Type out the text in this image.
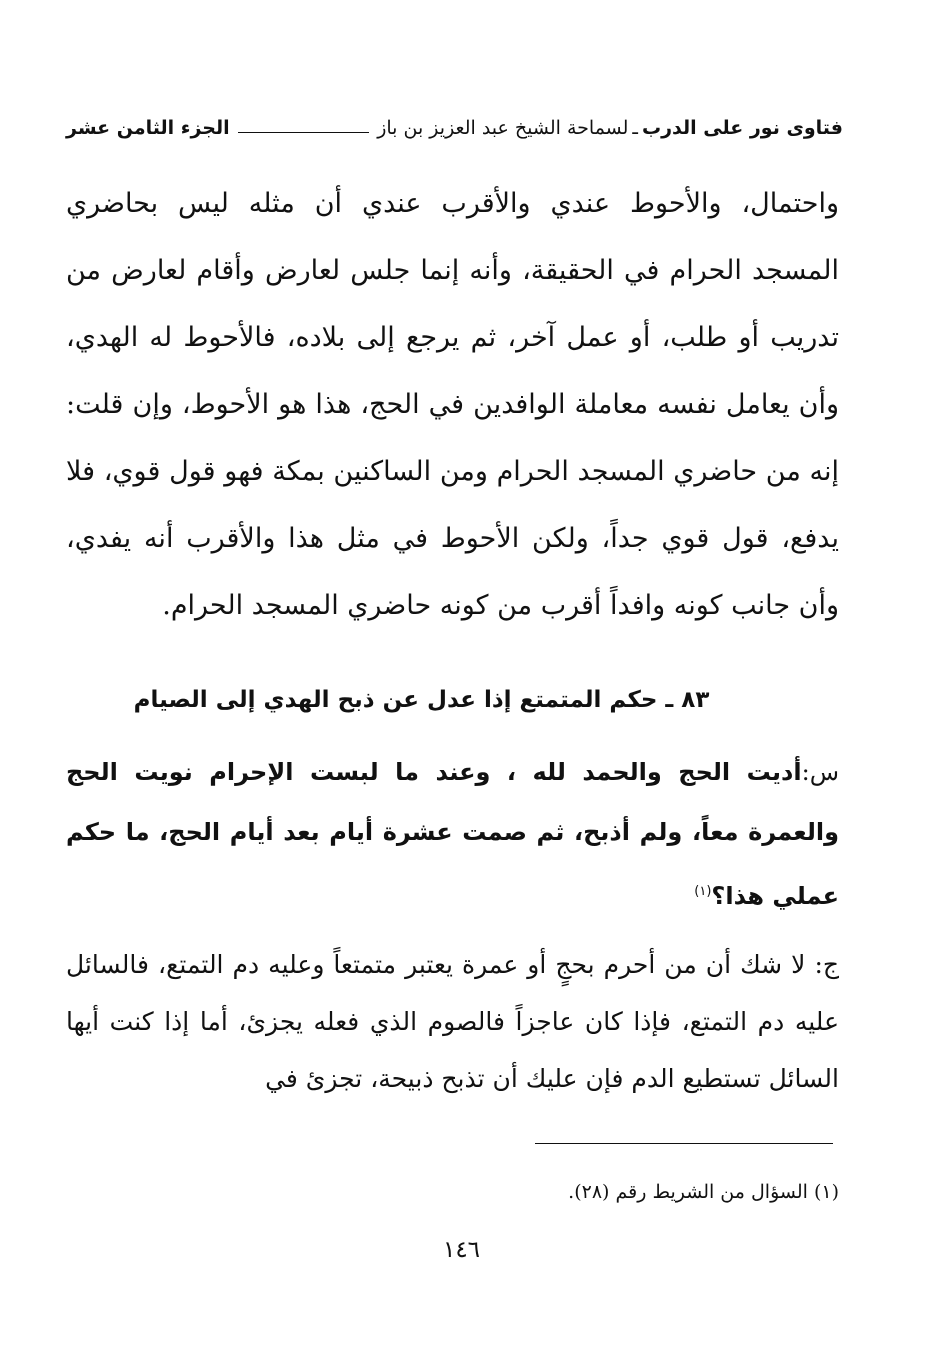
فتاوى نور على الدرب
ـ
لسماحة الشيخ عبد العزيز بن باز
الجزء الثامن عشر

واحتمال، والأحوط عندي والأقرب عندي أن مثله ليس بحاضري المسجد الحرام في الحقيقة، وأنه إنما جلس لعارض وأقام لعارض من تدريب أو طلب، أو عمل آخر، ثم يرجع إلى بلاده، فالأحوط له الهدي، وأن يعامل نفسه معاملة الوافدين في الحج، هذا هو الأحوط، وإن قلت: إنه من حاضري المسجد الحرام ومن الساكنين بمكة فهو قول قوي، فلا يدفع، قول قوي جداً، ولكن الأحوط في مثل هذا والأقرب أنه يفدي، وأن جانب كونه وافداً أقرب من كونه حاضري المسجد الحرام.

٨٣ ـ حكم المتمتع إذا عدل عن ذبح الهدي إلى الصيام

س:أديت الحج والحمد لله ، وعند ما لبست الإحرام نويت الحج والعمرة معاً، ولم أذبح، ثم صمت عشرة أيام بعد أيام الحج، ما حكم عملي هذا؟$^{(١)}$

ج: لا شك أن من أحرم بحجٍ أو عمرة يعتبر متمتعاً وعليه دم التمتع، فالسائل عليه دم التمتع، فإذا كان عاجزاً فالصوم الذي فعله يجزئ، أما إذا كنت أيها السائل تستطيع الدم فإن عليك أن تذبح ذبيحة، تجزئ في

(١) السؤال من الشريط رقم (٢٨).

١٤٦
